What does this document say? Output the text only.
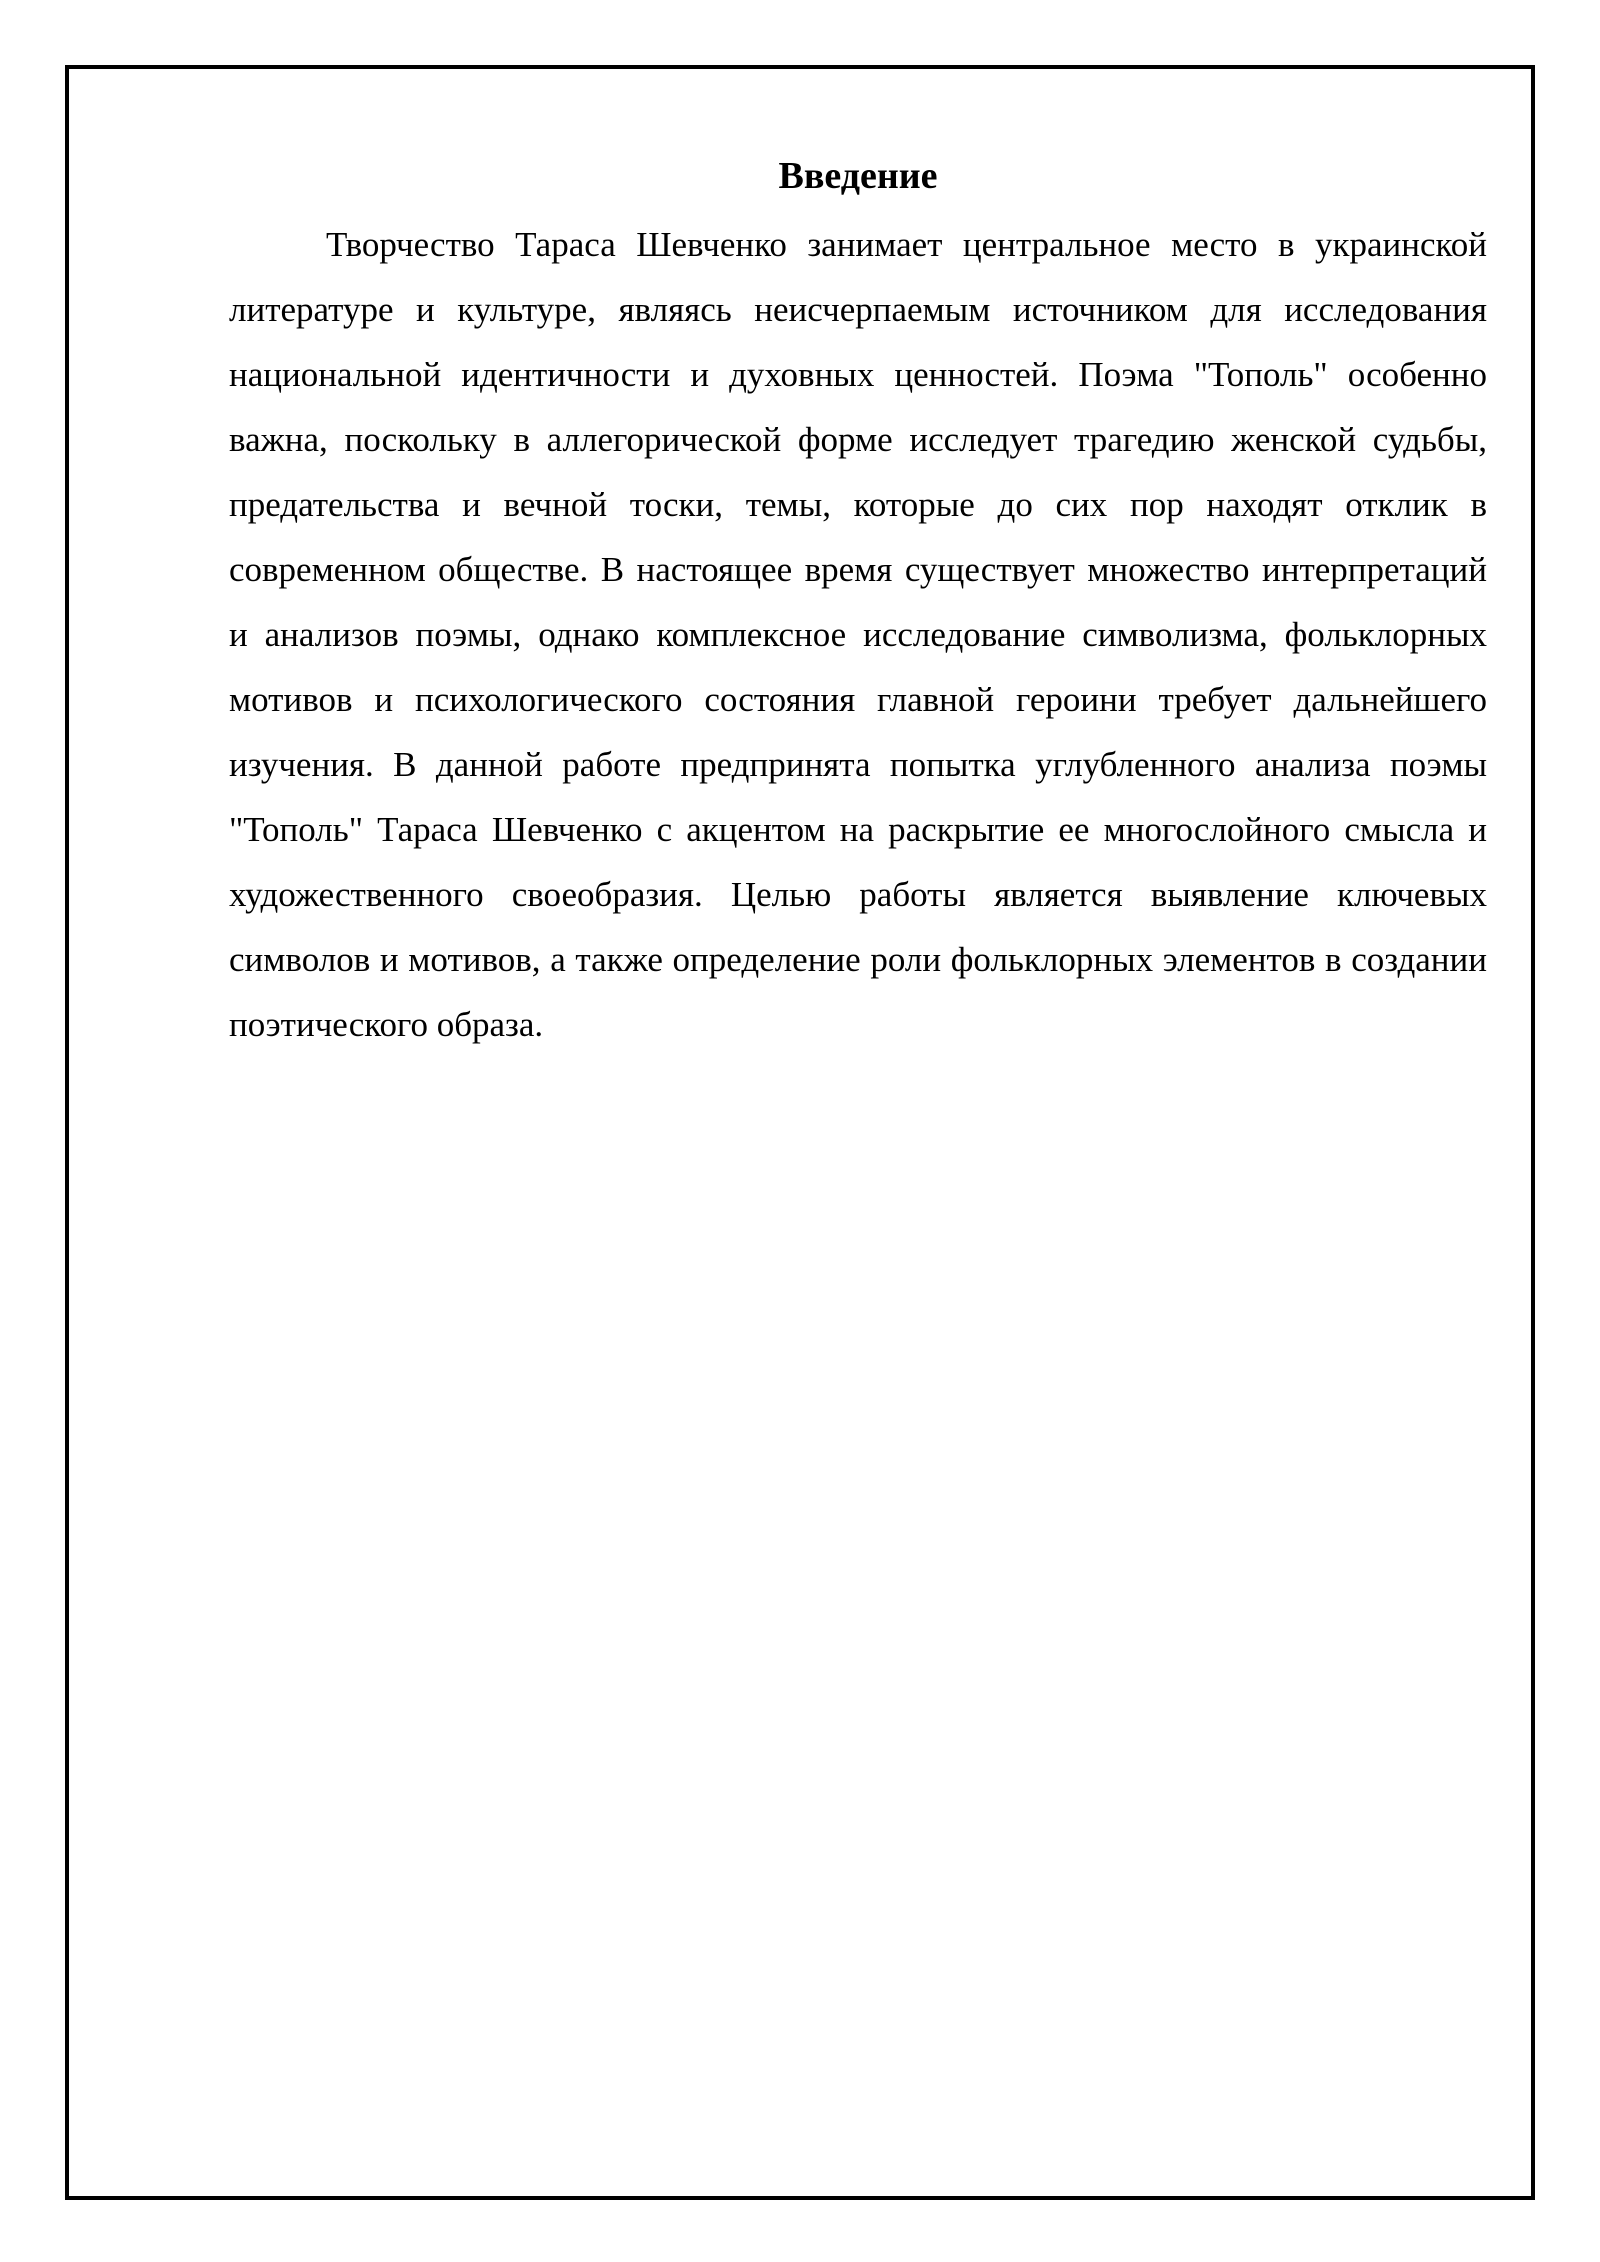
Введение

Творчество Тараса Шевченко занимает центральное место в украинской литературе и культуре, являясь неисчерпаемым источником для исследования национальной идентичности и духовных ценностей. Поэма "Тополь" особенно важна, поскольку в аллегорической форме исследует трагедию женской судьбы, предательства и вечной тоски, темы, которые до сих пор находят отклик в современном обществе. В настоящее время существует множество интерпретаций и анализов поэмы, однако комплексное исследование символизма, фольклорных мотивов и психологического состояния главной героини требует дальнейшего изучения. В данной работе предпринята попытка углубленного анализа поэмы "Тополь" Тараса Шевченко с акцентом на раскрытие ее многослойного смысла и художественного своеобразия. Целью работы является выявление ключевых символов и мотивов, а также определение роли фольклорных элементов в создании поэтического образа.
